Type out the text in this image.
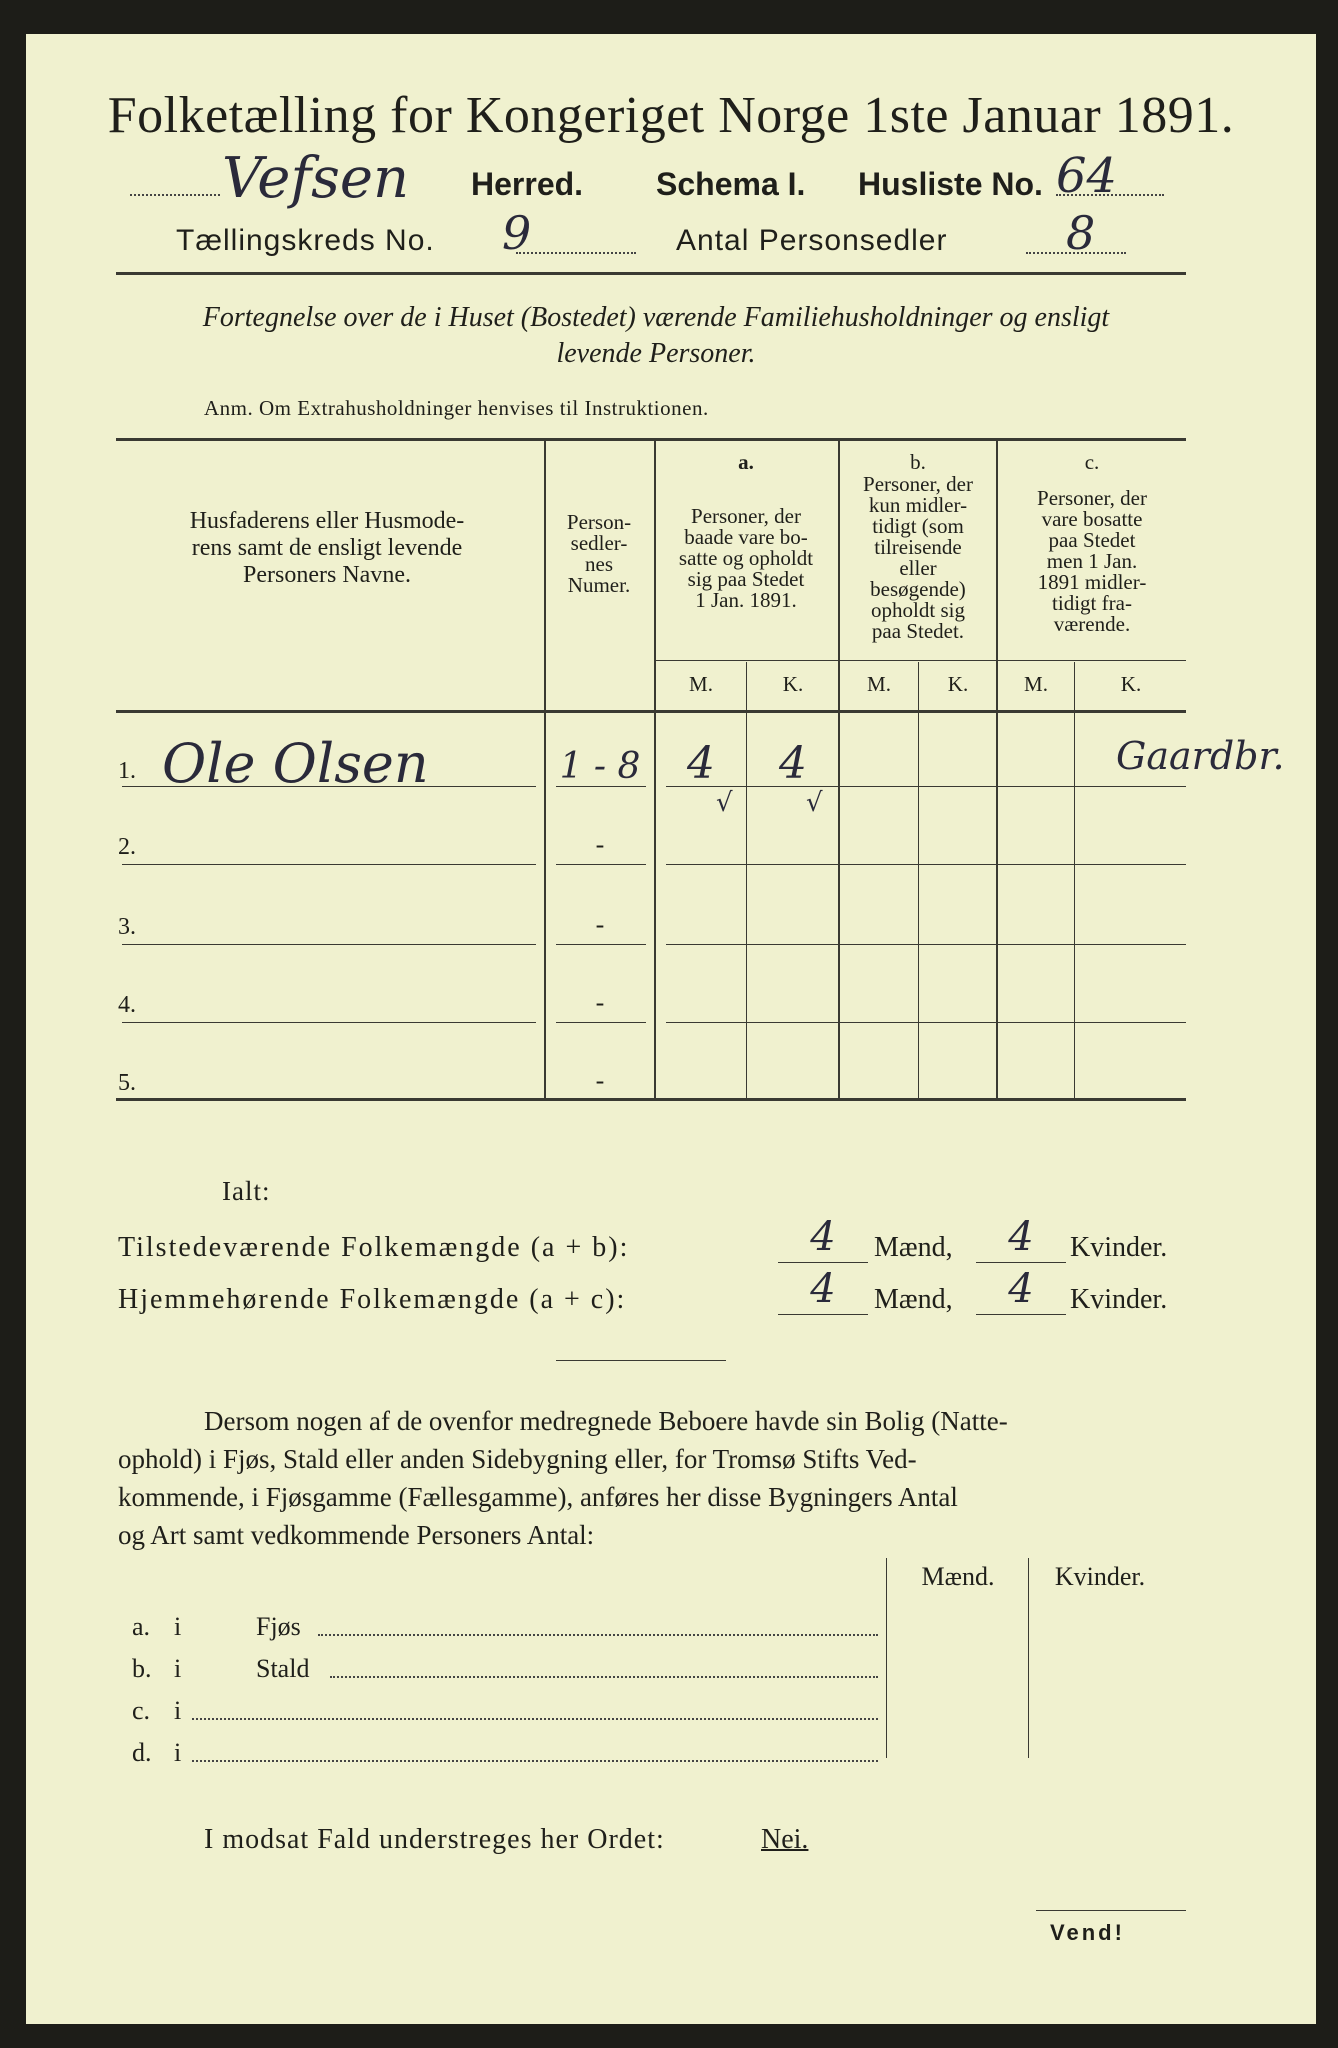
Folketælling for Kongeriget Norge 1ste Januar 1891.
Vefsen Herred. Schema I. Husliste No. 64
Tællingskreds No. 9	Antal Personsedler	8
Fortegnelse over de i Huset (Bostedet) værende Familiehusholdninger og ensligt
levende Personer.
Anm. Om Extrahusholdninger henvises til Instruktionen.
Husfaderens eller Husmode-
rens samt de ensligt levende
Personers Navne.
Person-
sedler-
nes
Numer.
a.
Personer, der
baade vare bo-
satte og opholdt
sig paa Stedet
1 Jan. 1891.
b.
Personer, der
kun midler-
tidigt (som
tilreisende
eller
besøgende)
opholdt sig
paa Stedet.
c.
Personer, der
vare bosatte
paa Stedet
men 1 Jan.
1891 midler-
tidigt fra-
værende.
M.	K.	M.	K.	M.	K.
1. Ole Olsen	1 - 8	4	4
√	√
Gaardbr.
2.	-
3.	-
4.	-
5.	-
Ialt:
Tilstedeværende Folkemængde (a + b):	4	Mænd,	4	Kvinder.
Hjemmehørende Folkemængde (a + c):	4	Mænd,	4	Kvinder.
Dersom nogen af de ovenfor medregnede Beboere havde sin Bolig (Natte-
ophold) i Fjøs, Stald eller anden Sidebygning eller, for Tromsø Stifts Ved-
kommende, i Fjøsgamme (Fællesgamme), anføres her disse Bygningers Antal
og Art samt vedkommende Personers Antal:
Mænd.	Kvinder.
a. i	Fjøs
b. i	Stald
c. i
d. i
I modsat Fald understreges her Ordet:	Nei.
Vend!
